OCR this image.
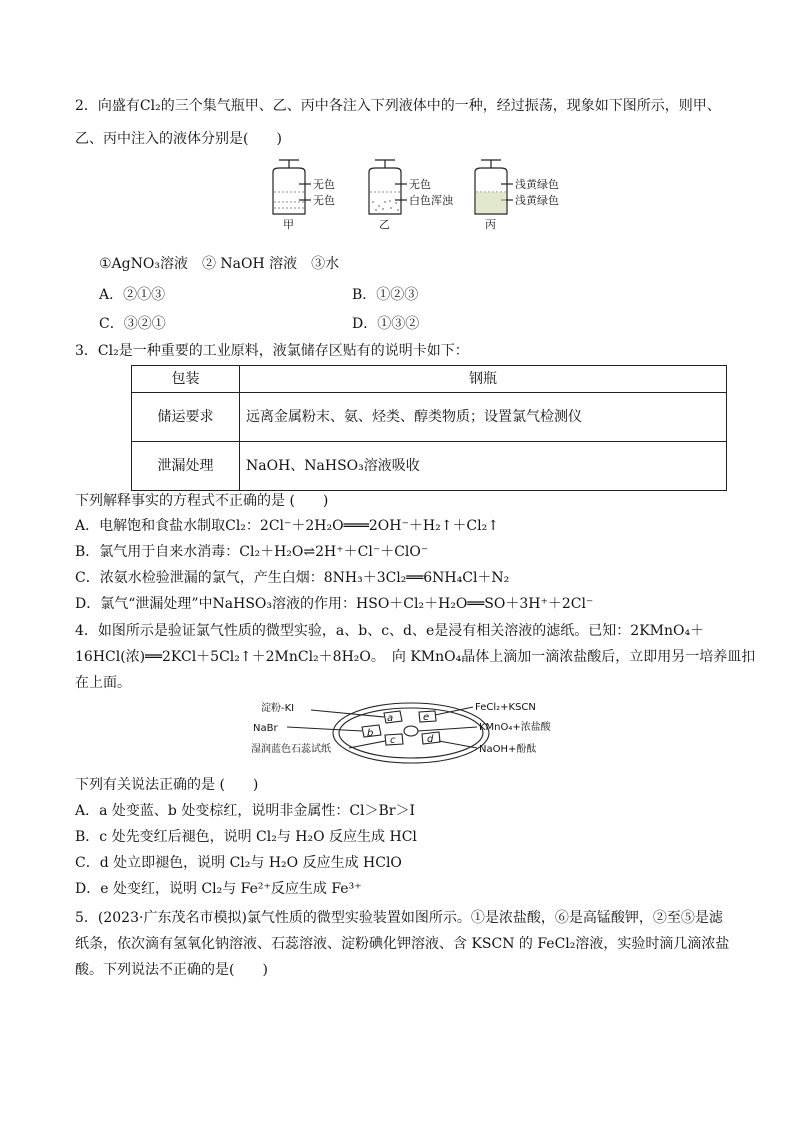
2．向盛有Cl₂的三个集气瓶甲、乙、丙中各注入下列液体中的一种，经过振荡，现象如下图所示，则甲、
乙、丙中注入的液体分别是(　　)
无色
无色
甲
无色
白色浑浊
乙
浅黄绿色
浅黄绿色
丙
①AgNO₃溶液　② NaOH 溶液　③水
A．②①③	B．①②③
C．③②①	D．①③②
3．Cl₂是一种重要的工业原料，液氯储存区贴有的说明卡如下：
包装	钢瓶
储运要求	远离金属粉末、氨、烃类、醇类物质；设置氯气检测仪
泄漏处理	NaOH、NaHSO₃溶液吸收
下列解释事实的方程式不正确的是 (　　)
A．电解饱和食盐水制取Cl₂：2Cl⁻＋2H₂O═══2OH⁻＋H₂↑＋Cl₂↑
B．氯气用于自来水消毒：Cl₂＋H₂O⇌2H⁺＋Cl⁻＋ClO⁻
C．浓氨水检验泄漏的氯气，产生白烟：8NH₃＋3Cl₂══6NH₄Cl＋N₂
D．氯气“泄漏处理”中NaHSO₃溶液的作用：HSO＋Cl₂＋H₂O══SO＋3H⁺＋2Cl⁻
4．如图所示是验证氯气性质的微型实验，a、b、c、d、e是浸有相关溶液的滤纸。已知：2KMnO₄＋
16HCl(浓)══2KCl＋5Cl₂↑＋2MnCl₂＋8H₂O。　向 KMnO₄晶体上滴加一滴浓盐酸后，立即用另一培养皿扣
在上面。
a	e
b
c	d
淀粉-KI
NaBr
湿润蓝色石蕊试纸
FeCl₂+KSCN
KMnO₄+浓盐酸
NaOH+酚酞
下列有关说法正确的是 (　　)
A．a 处变蓝、b 处变棕红，说明非金属性：Cl＞Br＞I
B．c 处先变红后褪色，说明 Cl₂与 H₂O 反应生成 HCl
C．d 处立即褪色，说明 Cl₂与 H₂O 反应生成 HClO
D．e 处变红，说明 Cl₂与 Fe²⁺反应生成 Fe³⁺
5．(2023·广东茂名市模拟)氯气性质的微型实验装置如图所示。①是浓盐酸，⑥是高锰酸钾，②至⑤是滤
纸条，依次滴有氢氧化钠溶液、石蕊溶液、淀粉碘化钾溶液、含 KSCN 的 FeCl₂溶液，实验时滴几滴浓盐
酸。下列说法不正确的是(　　)
